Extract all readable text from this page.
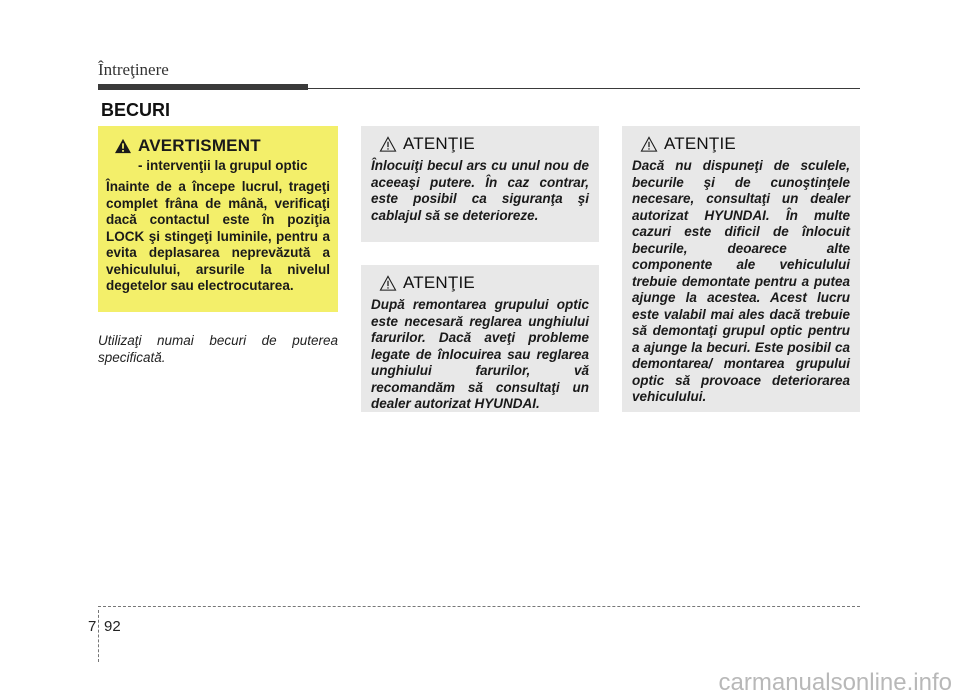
Întreţinere
BECURI
AVERTISMENT
- intervenţii la grupul optic
Înainte de a începe lucrul, trageţi complet frâna de mână, verificaţi dacă contactul este în poziţia LOCK şi stingeţi luminile, pentru a evita deplasarea neprevăzută a vehiculului, arsurile la nivelul degetelor sau electrocutarea.
Utilizaţi numai becuri de puterea specificată.
ATENŢIE
Înlocuiţi becul ars cu unul nou de aceeaşi putere. În caz contrar, este posibil ca siguranţa şi cablajul să se deterioreze.
ATENŢIE
După remontarea grupului optic este necesară reglarea unghiului farurilor. Dacă aveţi probleme legate de înlocuirea sau reglarea unghiului farurilor, vă recomandăm să consultaţi un dealer autorizat HYUNDAI.
ATENŢIE
Dacă nu dispuneţi de sculele, becurile şi de cunoştinţele necesare, consultaţi un dealer autorizat HYUNDAI. În multe cazuri este dificil de înlocuit becurile, deoarece alte componente ale vehiculului trebuie demontate pentru a putea ajunge la acestea. Acest lucru este valabil mai ales dacă trebuie să demontaţi grupul optic pentru a ajunge la becuri. Este posibil ca demontarea/ montarea grupului optic să provoace deteriorarea vehiculului.
7 92
carmanualsonline.info
